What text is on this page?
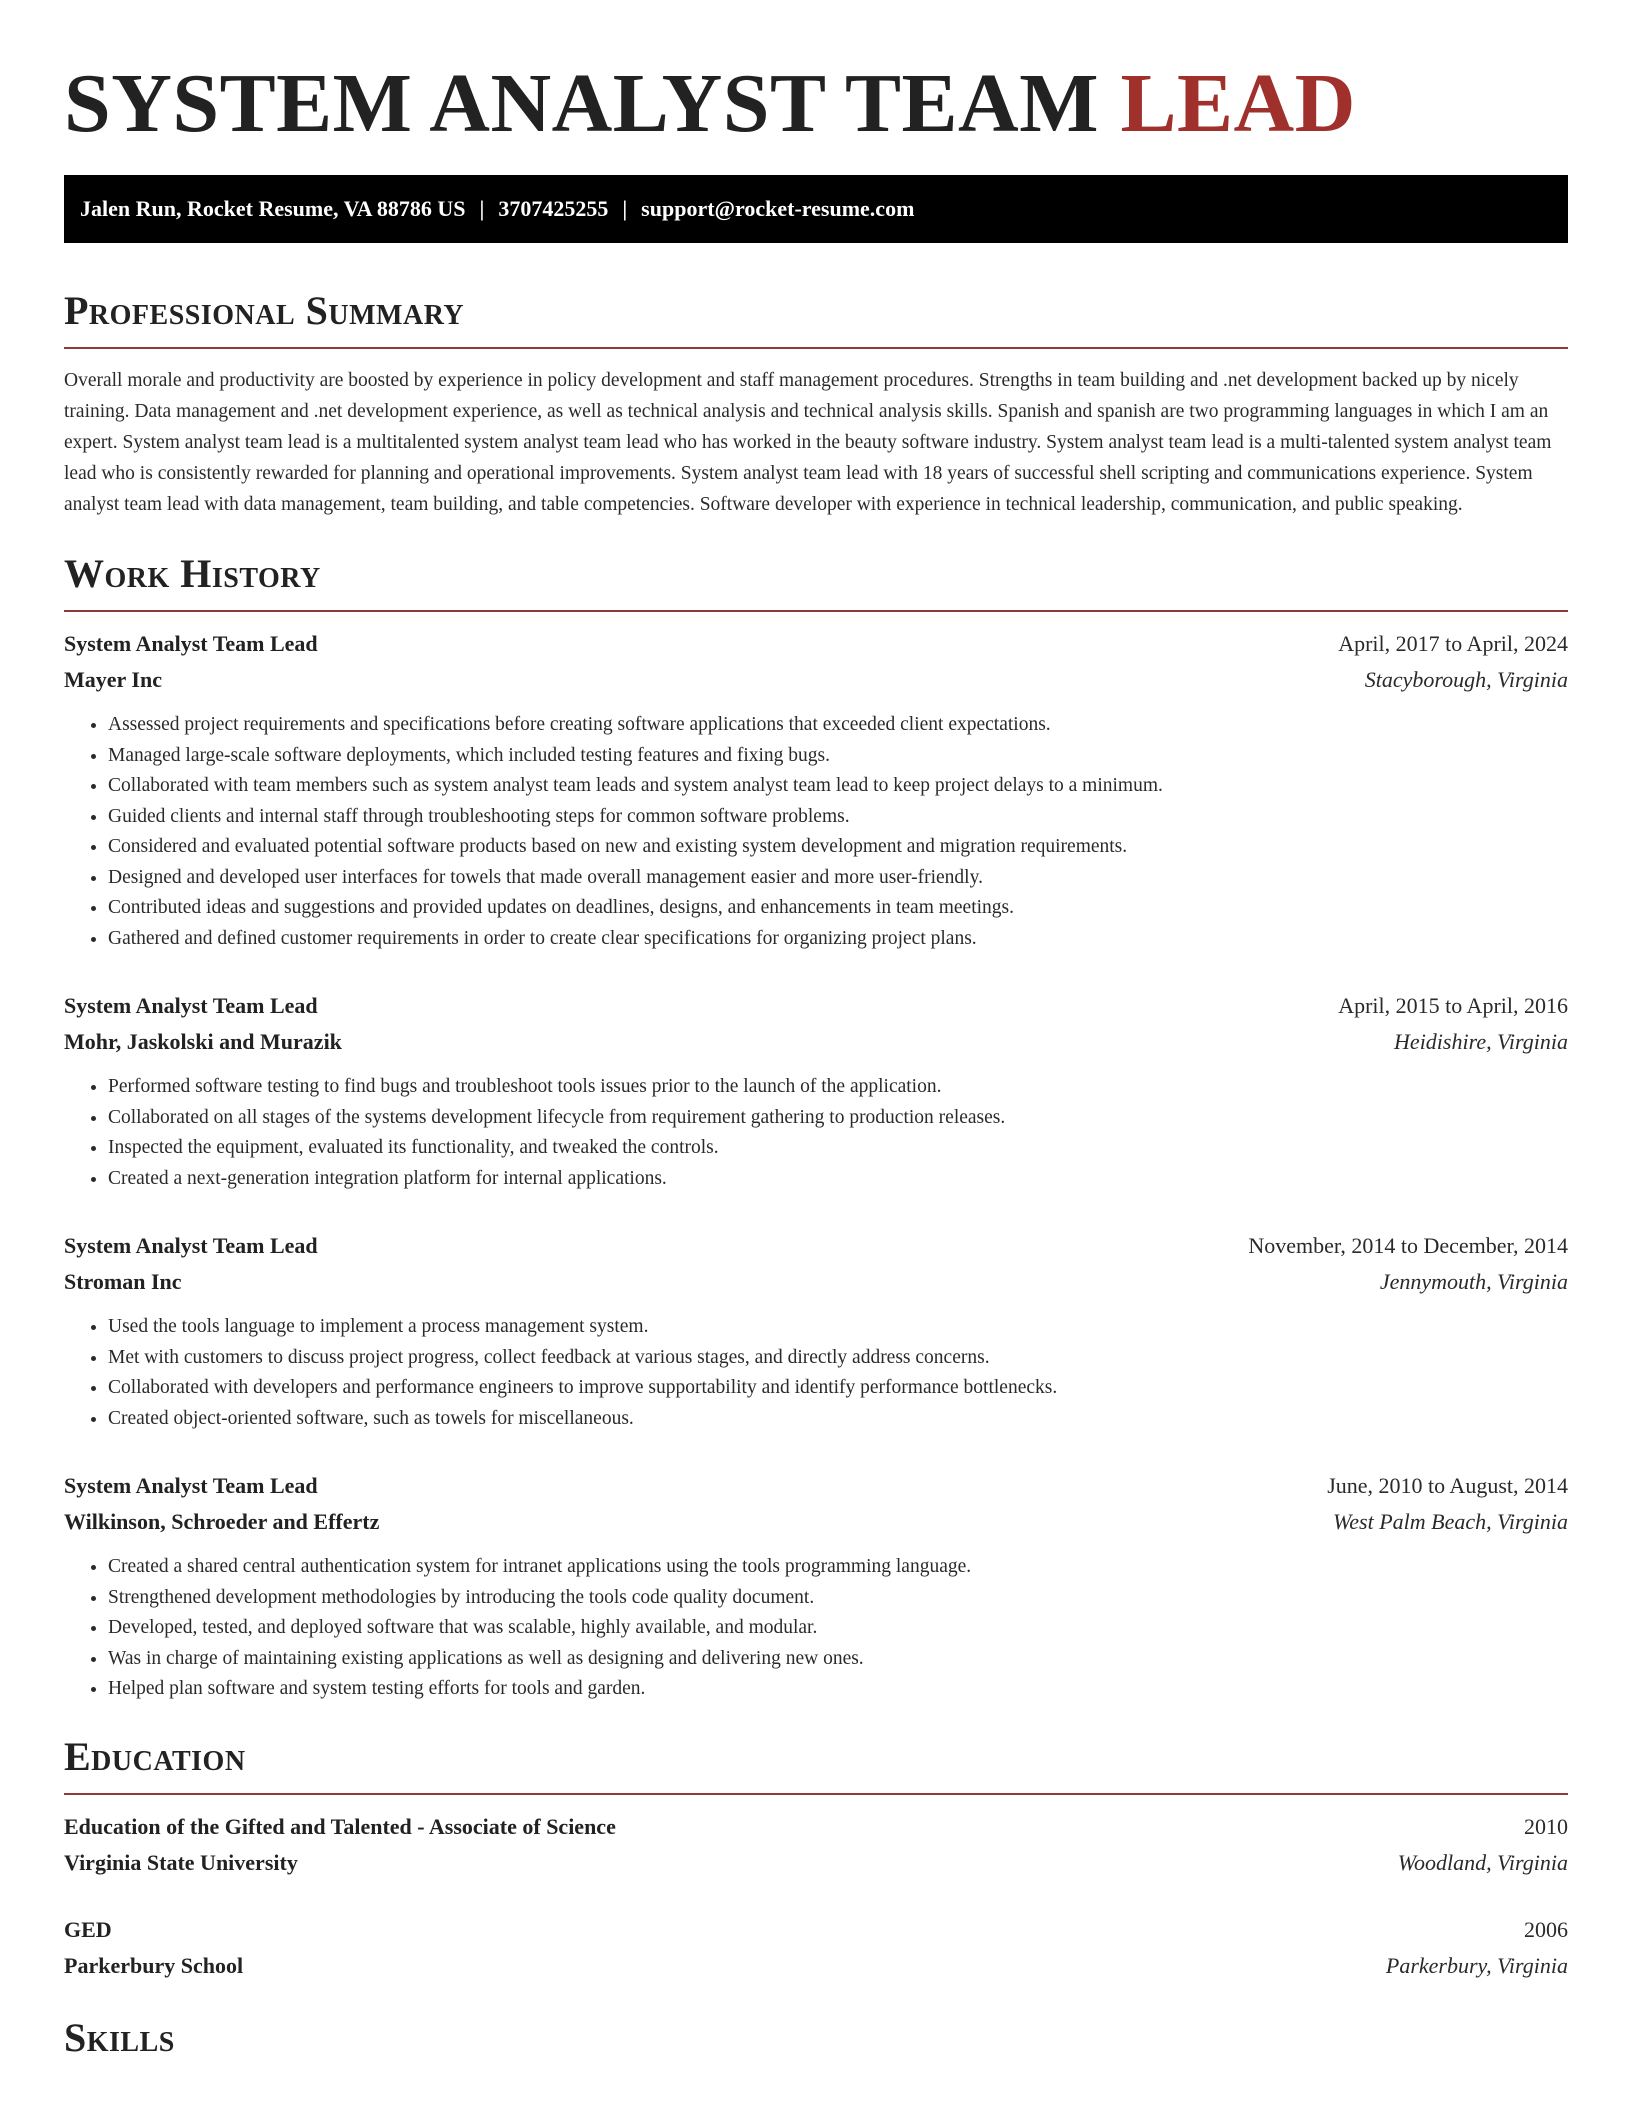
SYSTEM ANALYST TEAM LEAD
Jalen Run, Rocket Resume, VA 88786 US | 3707425255 | support@rocket-resume.com
Professional Summary

Overall morale and productivity are boosted by experience in policy development and staff management procedures. Strengths in team building and .net development backed up by nicely training. Data management and .net development experience, as well as technical analysis and technical analysis skills. Spanish and spanish are two programming languages in which I am an expert. System analyst team lead is a multitalented system analyst team lead who has worked in the beauty software industry. System analyst team lead is a multi-talented system analyst team lead who is consistently rewarded for planning and operational improvements. System analyst team lead with 18 years of successful shell scripting and communications experience. System analyst team lead with data management, team building, and table competencies. Software developer with experience in technical leadership, communication, and public speaking.

Work History
System Analyst Team Lead	April, 2017 to April, 2024
Mayer Inc	Stacyborough, Virginia
• Assessed project requirements and specifications before creating software applications that exceeded client expectations.
• Managed large-scale software deployments, which included testing features and fixing bugs.
• Collaborated with team members such as system analyst team leads and system analyst team lead to keep project delays to a minimum.
• Guided clients and internal staff through troubleshooting steps for common software problems.
• Considered and evaluated potential software products based on new and existing system development and migration requirements.
• Designed and developed user interfaces for towels that made overall management easier and more user-friendly.
• Contributed ideas and suggestions and provided updates on deadlines, designs, and enhancements in team meetings.
• Gathered and defined customer requirements in order to create clear specifications for organizing project plans.
System Analyst Team Lead	April, 2015 to April, 2016
Mohr, Jaskolski and Murazik	Heidishire, Virginia
• Performed software testing to find bugs and troubleshoot tools issues prior to the launch of the application.
• Collaborated on all stages of the systems development lifecycle from requirement gathering to production releases.
• Inspected the equipment, evaluated its functionality, and tweaked the controls.
• Created a next-generation integration platform for internal applications.
System Analyst Team Lead	November, 2014 to December, 2014
Stroman Inc	Jennymouth, Virginia
• Used the tools language to implement a process management system.
• Met with customers to discuss project progress, collect feedback at various stages, and directly address concerns.
• Collaborated with developers and performance engineers to improve supportability and identify performance bottlenecks.
• Created object-oriented software, such as towels for miscellaneous.
System Analyst Team Lead	June, 2010 to August, 2014
Wilkinson, Schroeder and Effertz	West Palm Beach, Virginia
• Created a shared central authentication system for intranet applications using the tools programming language.
• Strengthened development methodologies by introducing the tools code quality document.
• Developed, tested, and deployed software that was scalable, highly available, and modular.
• Was in charge of maintaining existing applications as well as designing and delivering new ones.
• Helped plan software and system testing efforts for tools and garden.
Education
Education of the Gifted and Talented - Associate of Science	2010
Virginia State University	Woodland, Virginia
GED	2006
Parkerbury School	Parkerbury, Virginia
Skills
